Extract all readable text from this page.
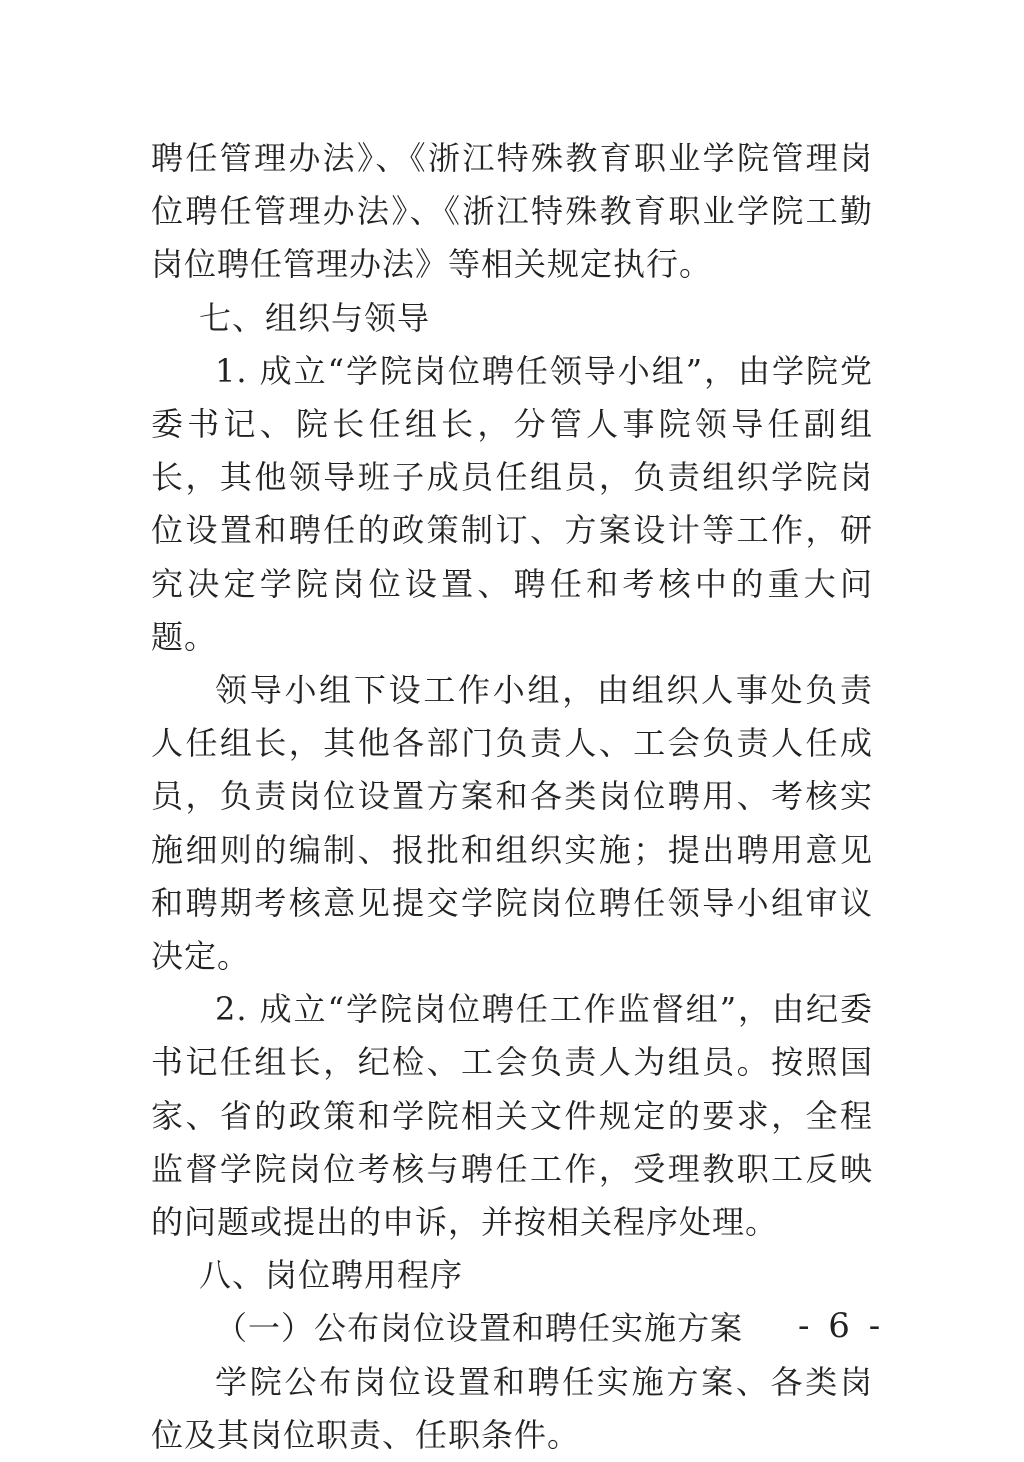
聘任管理办法》、《浙江特殊教育职业学院管理岗位聘任管理办法》、《浙江特殊教育职业学院工勤岗位聘任管理办法》等相关规定执行。

七、组织与领导

1. 成立“学院岗位聘任领导小组”，由学院党委书记、院长任组长，分管人事院领导任副组长，其他领导班子成员任组员，负责组织学院岗位设置和聘任的政策制订、方案设计等工作，研究决定学院岗位设置、聘任和考核中的重大问题。

领导小组下设工作小组，由组织人事处负责人任组长，其他各部门负责人、工会负责人任成员，负责岗位设置方案和各类岗位聘用、考核实施细则的编制、报批和组织实施；提出聘用意见和聘期考核意见提交学院岗位聘任领导小组审议决定。

2. 成立“学院岗位聘任工作监督组”，由纪委书记任组长，纪检、工会负责人为组员。按照国家、省的政策和学院相关文件规定的要求，全程监督学院岗位考核与聘任工作，受理教职工反映的问题或提出的申诉，并按相关程序处理。

八、岗位聘用程序
（一）公布岗位设置和聘任实施方案

学院公布岗位设置和聘任实施方案、各类岗位及其岗位职责、任职条件。

- 6 -
